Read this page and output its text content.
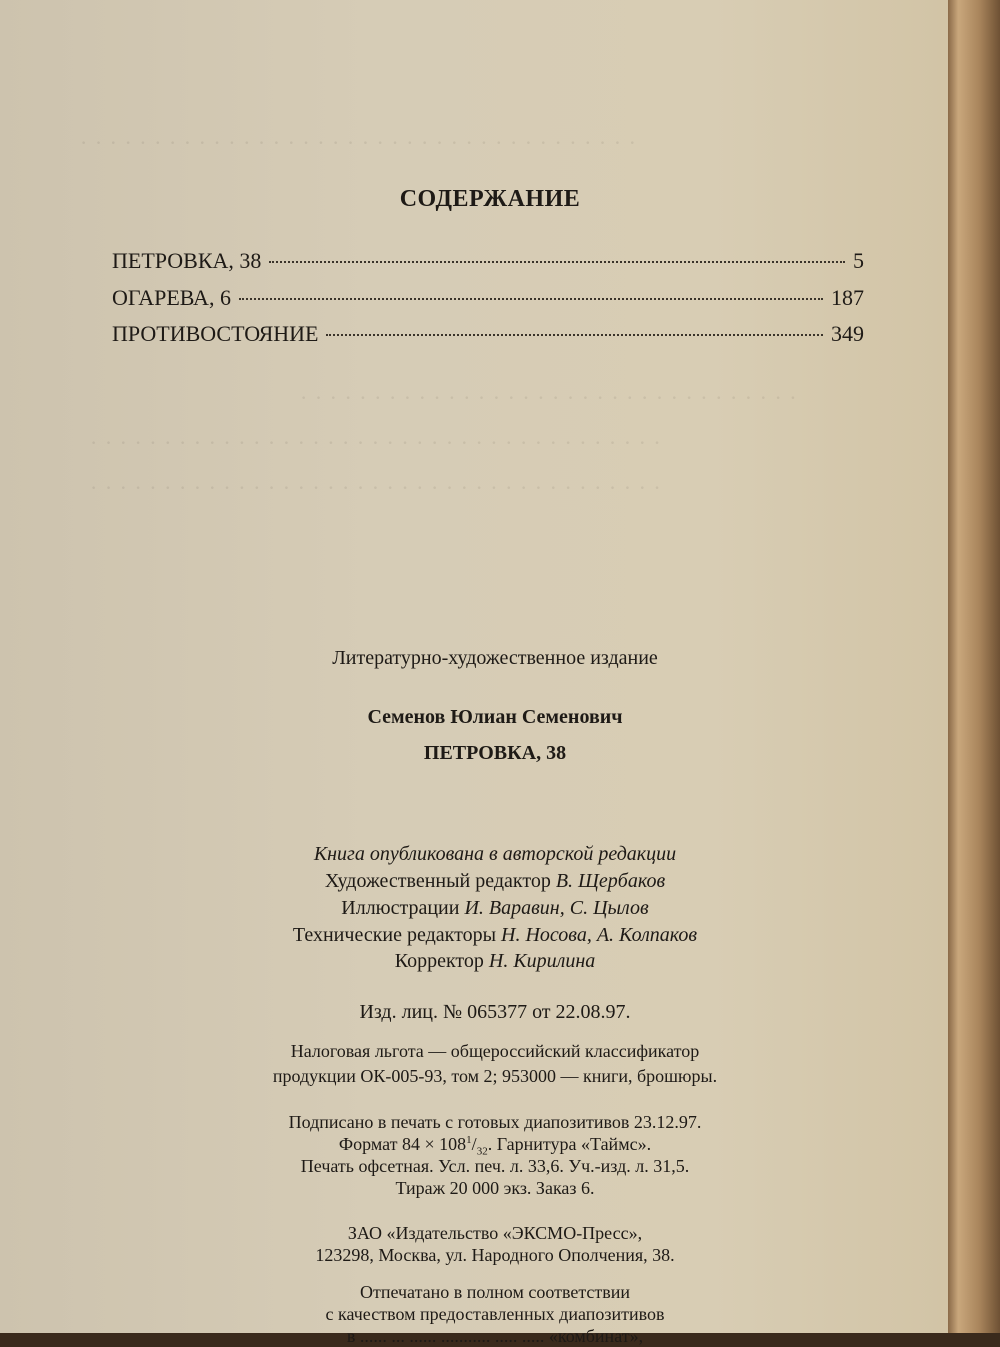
· · · · · · · · · · · · · · · · · · · · · · · · · · · · · · · · · · · · · ·
· · · · · · · · · · · · · · · · · · · · · · · · · · · · · · · · · ·
· · · · · · · · · · · · · · · · · · · · · · · · · · · · · · · · · · · · · · ·
· · · · · · · · · · · · · · · · · · · · · · · · · · · · · · · · · · · · · · ·
СОДЕРЖАНИЕ
ПЕТРОВКА, 38	5
ОГАРЕВА, 6	187
ПРОТИВОСТОЯНИЕ	349
Литературно-художественное издание
Семенов Юлиан Семенович
ПЕТРОВКА, 38
Книга опубликована в авторской редакции
Художественный редактор В. Щербаков
Иллюстрации И. Варавин, С. Цылов
Технические редакторы Н. Носова, А. Колпаков
Корректор Н. Кирилина
Изд. лиц. № 065377 от 22.08.97.
Налоговая льгота — общероссийский классификатор
продукции ОК-005-93, том 2; 953000 — книги, брошюры.
Подписано в печать с готовых диапозитивов 23.12.97.
Формат $84 \times 108^1/_{32}$. Гарнитура «Таймс».
Печать офсетная. Усл. печ. л. 33,6. Уч.-изд. л. 31,5.
Тираж 20 000 экз. Заказ 6.
ЗАО «Издательство «ЭКСМО-Пресс»,
123298, Москва, ул. Народного Ополчения, 38.
Отпечатано в полном соответствии
с качеством предоставленных диапозитивов
в ...... ... ...... ........... ..... ..... «комбинат»,
